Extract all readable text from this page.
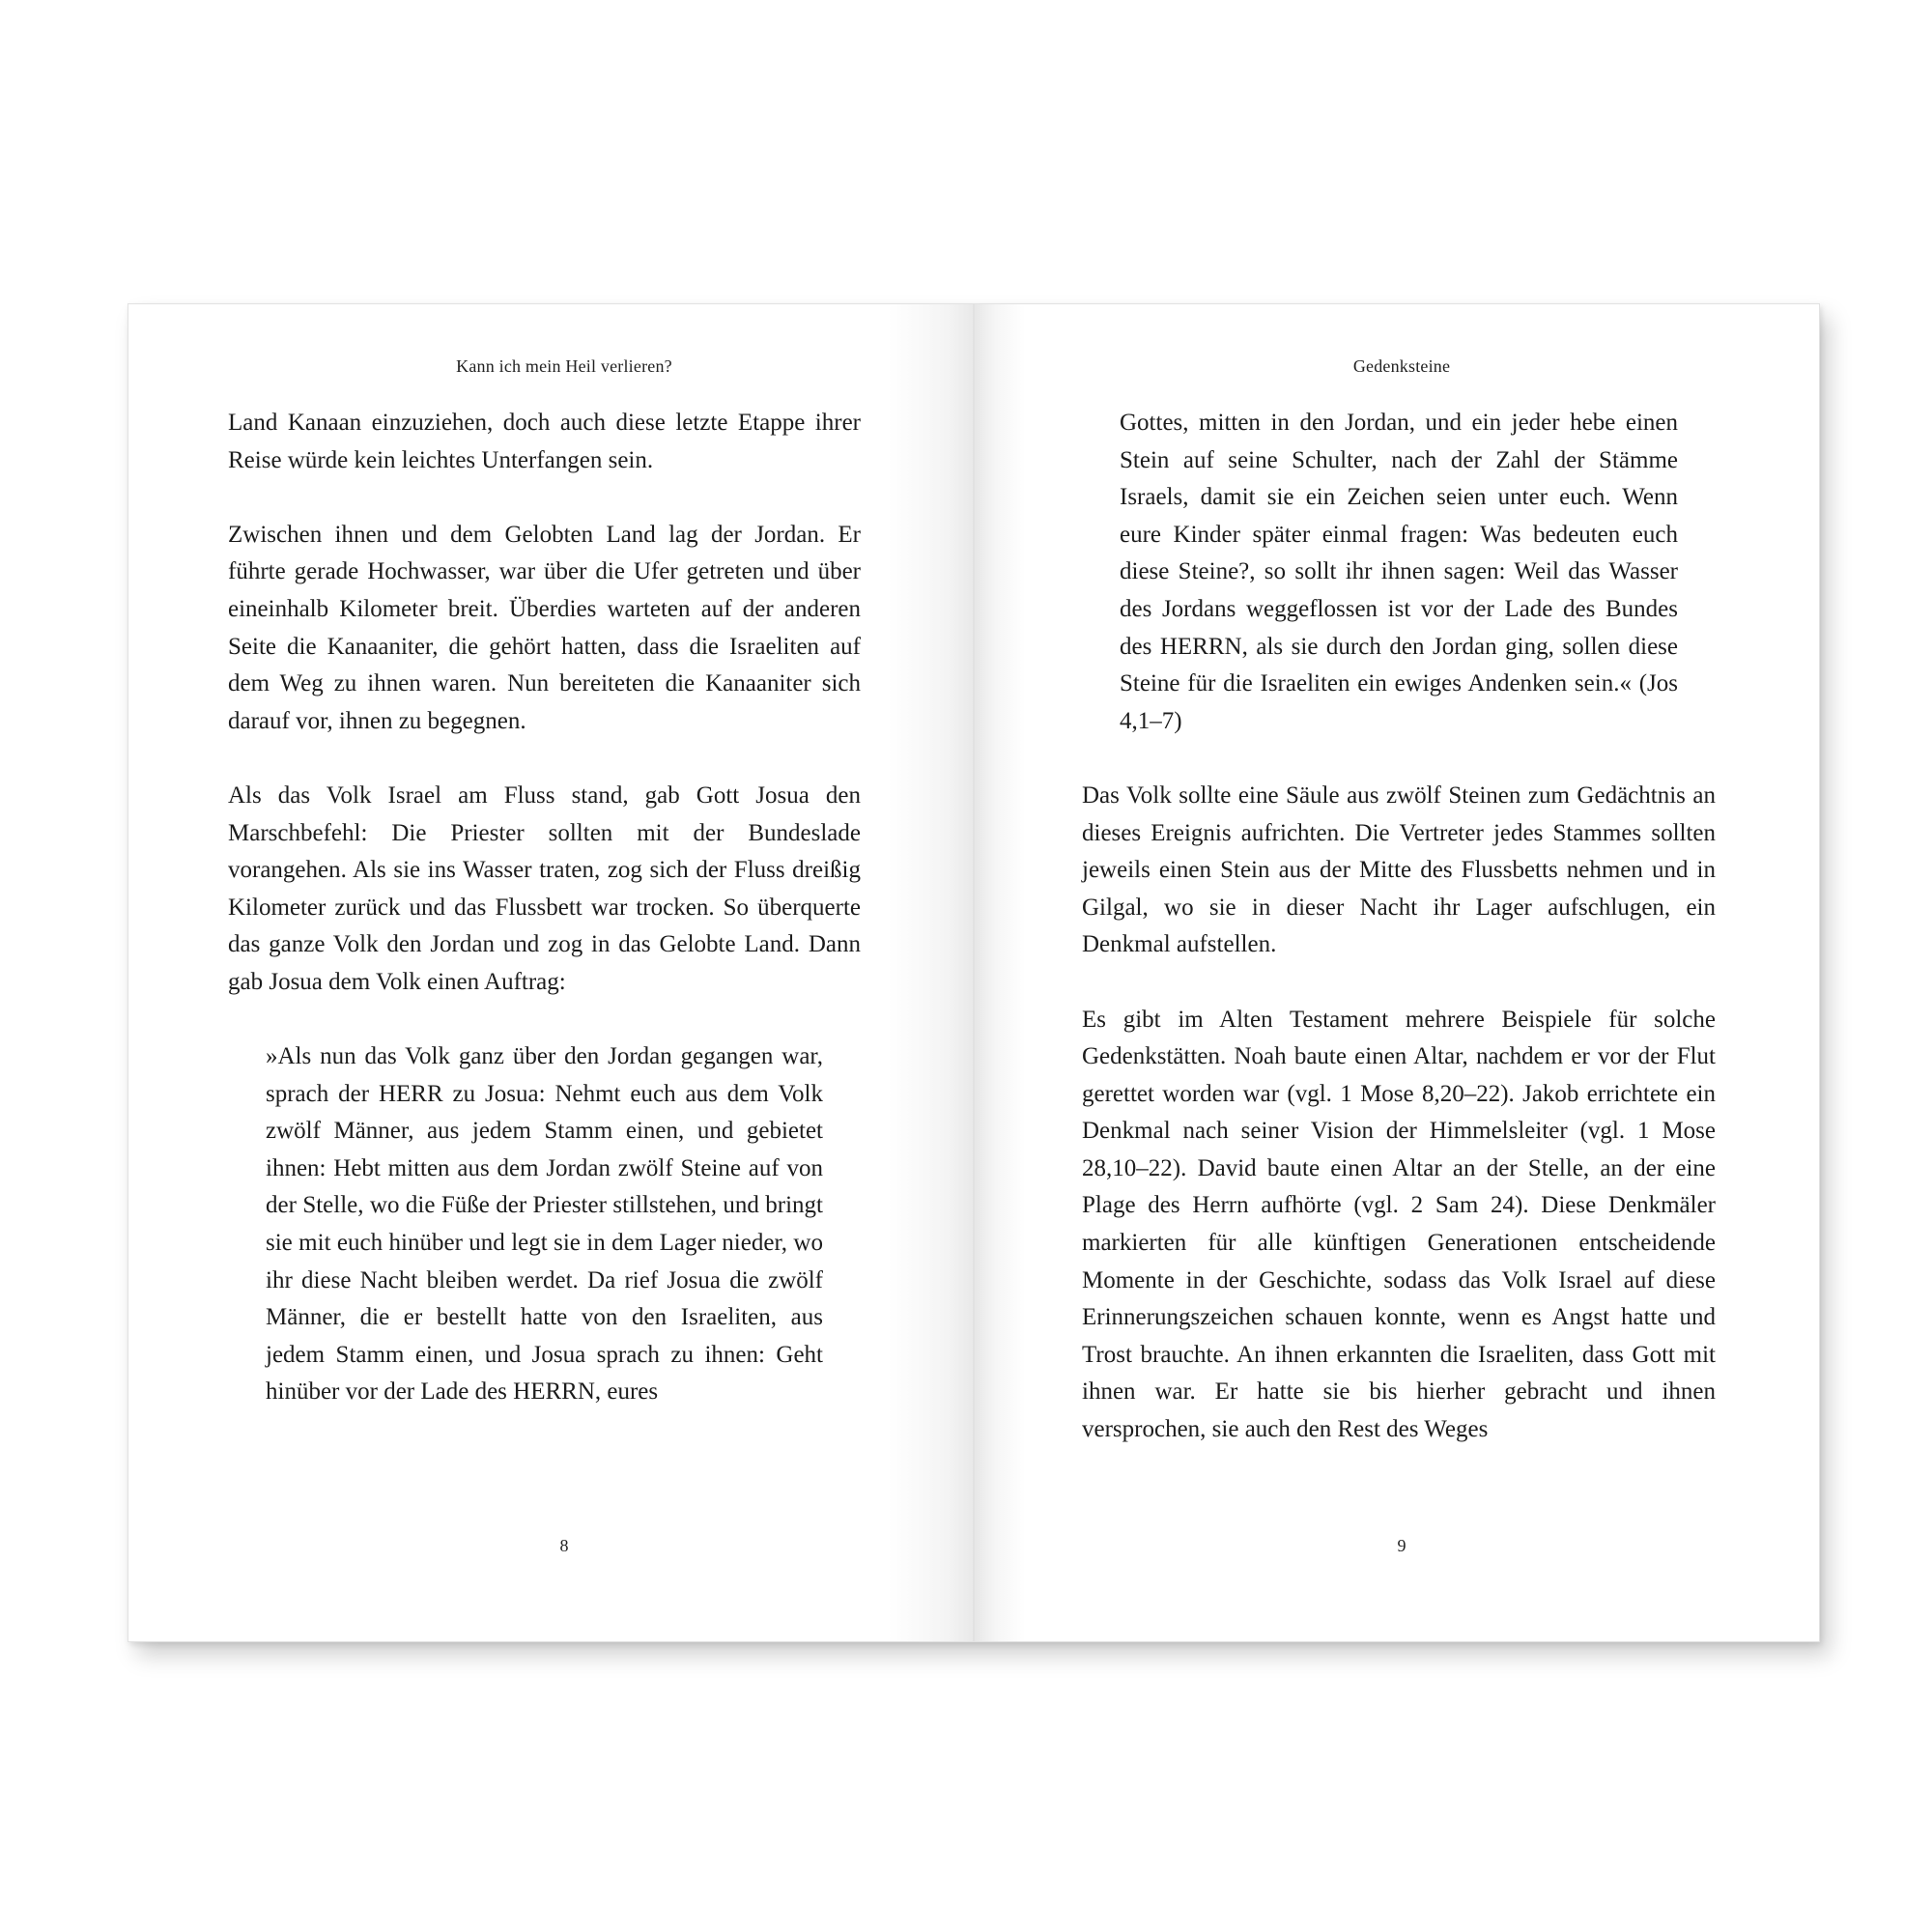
Kann ich mein Heil verlieren?

Land Kanaan einzuziehen, doch auch diese letzte Etappe ihrer Reise würde kein leichtes Unterfangen sein.

Zwischen ihnen und dem Gelobten Land lag der Jordan. Er führte gerade Hochwasser, war über die Ufer getreten und über eineinhalb Kilometer breit. Überdies warteten auf der anderen Seite die Kanaaniter, die gehört hatten, dass die Israeliten auf dem Weg zu ihnen waren. Nun bereiteten die Kanaaniter sich darauf vor, ihnen zu begegnen.

Als das Volk Israel am Fluss stand, gab Gott Josua den Marschbefehl: Die Priester sollten mit der Bundeslade vorangehen. Als sie ins Wasser traten, zog sich der Fluss dreißig Kilometer zurück und das Flussbett war trocken. So überquerte das ganze Volk den Jordan und zog in das Gelobte Land. Dann gab Josua dem Volk einen Auftrag:

»Als nun das Volk ganz über den Jordan gegangen war, sprach der HERR zu Josua: Nehmt euch aus dem Volk zwölf Männer, aus jedem Stamm einen, und gebietet ihnen: Hebt mitten aus dem Jordan zwölf Steine auf von der Stelle, wo die Füße der Priester stillstehen, und bringt sie mit euch hinüber und legt sie in dem Lager nieder, wo ihr diese Nacht bleiben werdet. Da rief Josua die zwölf Männer, die er bestellt hatte von den Israeliten, aus jedem Stamm einen, und Josua sprach zu ihnen: Geht hinüber vor der Lade des HERRN, eures

8
Gedenksteine

Gottes, mitten in den Jordan, und ein jeder hebe einen Stein auf seine Schulter, nach der Zahl der Stämme Israels, damit sie ein Zeichen seien unter euch. Wenn eure Kinder später einmal fragen: Was bedeuten euch diese Steine?, so sollt ihr ihnen sagen: Weil das Wasser des Jordans weggeflossen ist vor der Lade des Bundes des HERRN, als sie durch den Jordan ging, sollen diese Steine für die Israeliten ein ewiges Andenken sein.« (Jos 4,1–7)

Das Volk sollte eine Säule aus zwölf Steinen zum Gedächtnis an dieses Ereignis aufrichten. Die Vertreter jedes Stammes sollten jeweils einen Stein aus der Mitte des Flussbetts nehmen und in Gilgal, wo sie in dieser Nacht ihr Lager aufschlugen, ein Denkmal aufstellen.

Es gibt im Alten Testament mehrere Beispiele für solche Gedenkstätten. Noah baute einen Altar, nachdem er vor der Flut gerettet worden war (vgl. 1 Mose 8,20–22). Jakob errichtete ein Denkmal nach seiner Vision der Himmelsleiter (vgl. 1 Mose 28,10–22). David baute einen Altar an der Stelle, an der eine Plage des Herrn aufhörte (vgl. 2 Sam 24). Diese Denkmäler markierten für alle künftigen Generationen entscheidende Momente in der Geschichte, sodass das Volk Israel auf diese Erinnerungszeichen schauen konnte, wenn es Angst hatte und Trost brauchte. An ihnen erkannten die Israeliten, dass Gott mit ihnen war. Er hatte sie bis hierher gebracht und ihnen versprochen, sie auch den Rest des Weges

9
